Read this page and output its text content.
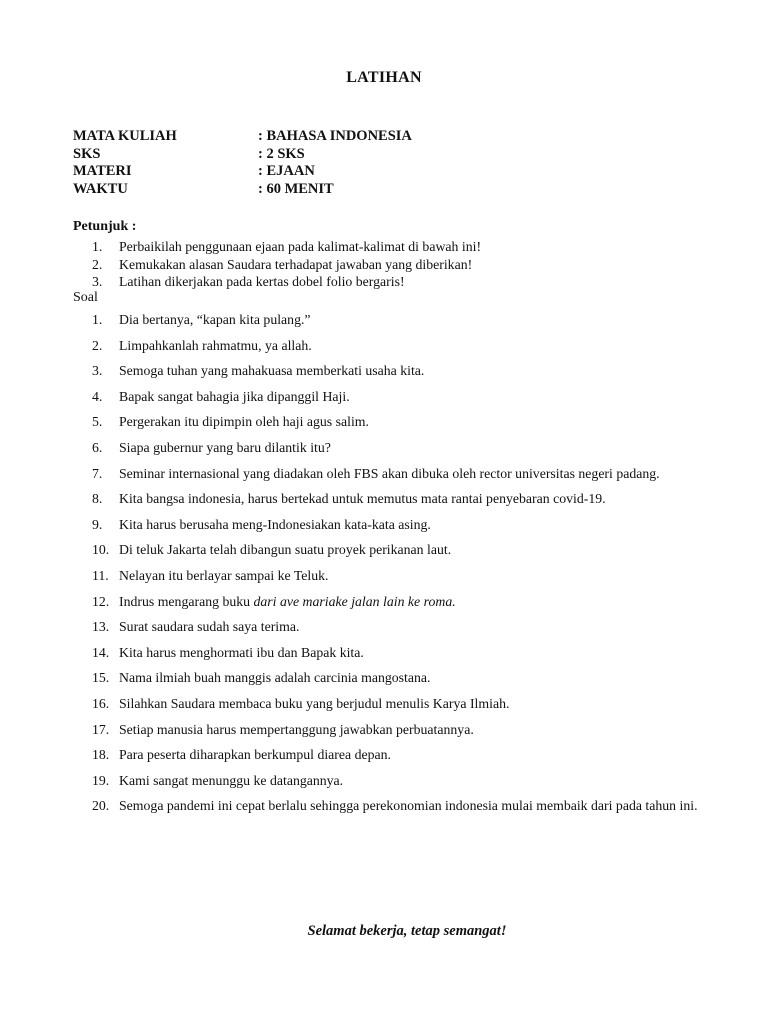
LATIHAN
MATA KULIAH	: BAHASA INDONESIA
SKS	: 2 SKS
MATERI	: EJAAN
WAKTU	: 60 MENIT
Petunjuk :
1.	Perbaikilah penggunaan ejaan pada kalimat-kalimat di bawah ini!
2.	Kemukakan alasan Saudara terhadapat jawaban yang diberikan!
3.	Latihan dikerjakan pada kertas dobel folio bergaris!
Soal
1.	Dia bertanya, “kapan kita pulang.”
2.	Limpahkanlah rahmatmu, ya allah.
3.	Semoga tuhan yang mahakuasa memberkati usaha kita.
4.	Bapak sangat bahagia jika dipanggil Haji.
5.	Pergerakan itu dipimpin oleh haji agus salim.
6.	Siapa gubernur yang baru dilantik itu?
7.	Seminar internasional yang diadakan oleh FBS akan dibuka oleh rector universitas negeri padang.
8.	Kita bangsa indonesia, harus bertekad untuk memutus mata rantai penyebaran covid-19.
9.	Kita harus berusaha meng-Indonesiakan kata-kata asing.
10. Di teluk Jakarta telah dibangun suatu proyek perikanan laut.
11. Nelayan itu berlayar sampai ke Teluk.
12. Indrus mengarang buku dari ave mariake jalan lain ke roma.
13. Surat saudara sudah saya terima.
14. Kita harus menghormati ibu dan Bapak kita.
15. Nama ilmiah buah manggis adalah carcinia mangostana.
16. Silahkan Saudara membaca buku yang berjudul menulis Karya Ilmiah.
17. Setiap manusia harus mempertanggung jawabkan perbuatannya.
18. Para peserta diharapkan berkumpul diarea depan.
19. Kami sangat menunggu ke datangannya.
20. Semoga pandemi ini cepat berlalu sehingga perekonomian indonesia mulai membaik dari pada tahun ini.
Selamat bekerja, tetap semangat!
